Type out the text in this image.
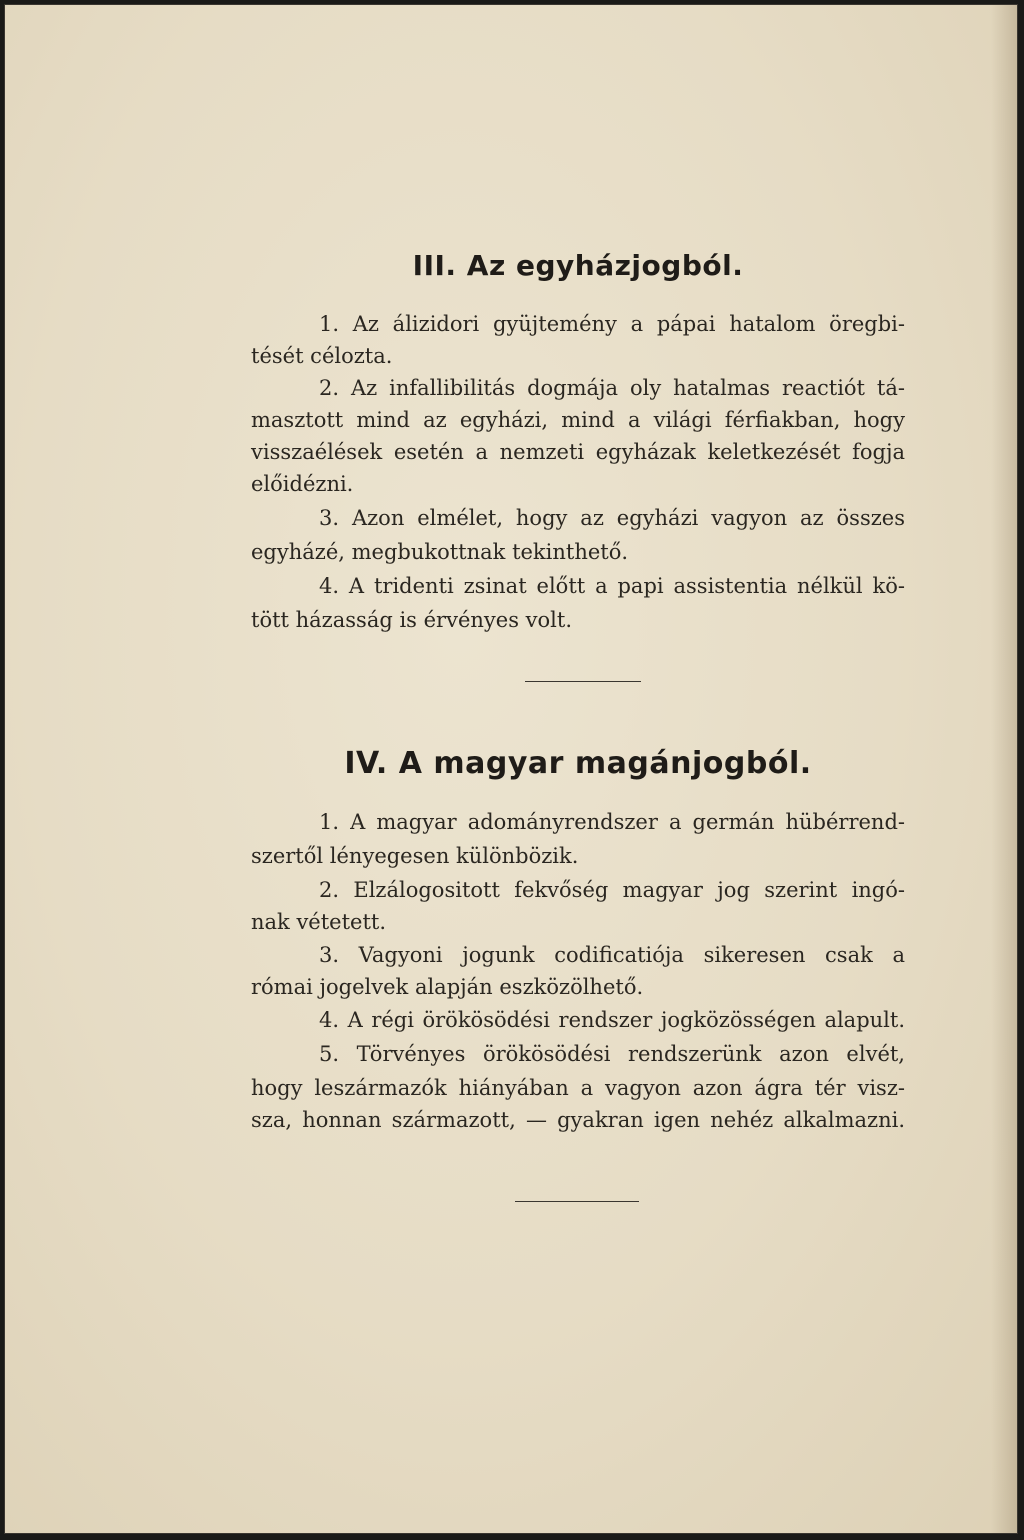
III. Az egyházjogból.
1. Az álizidori gyüjtemény a pápai hatalom öregbi-
tését célozta.
2. Az infallibilitás dogmája oly hatalmas reactiót tá-
masztott mind az egyházi, mind a világi férfiakban, hogy
visszaélések esetén a nemzeti egyházak keletkezését fogja
előidézni.
3. Azon elmélet, hogy az egyházi vagyon az összes
egyházé, megbukottnak tekinthető.
4. A tridenti zsinat előtt a papi assistentia nélkül kö-
tött házasság is érvényes volt.
IV. A magyar magánjogból.
1. A magyar adományrendszer a germán hübérrend-
szertől lényegesen különbözik.
2. Elzálogositott fekvőség magyar jog szerint ingó-
nak vétetett.
3. Vagyoni jogunk codificatiója sikeresen csak a
római jogelvek alapján eszközölhető.
4. A régi örökösödési rendszer jogközösségen alapult.
5. Törvényes örökösödési rendszerünk azon elvét,
hogy leszármazók hiányában a vagyon azon ágra tér visz-
sza, honnan származott, — gyakran igen nehéz alkalmazni.
